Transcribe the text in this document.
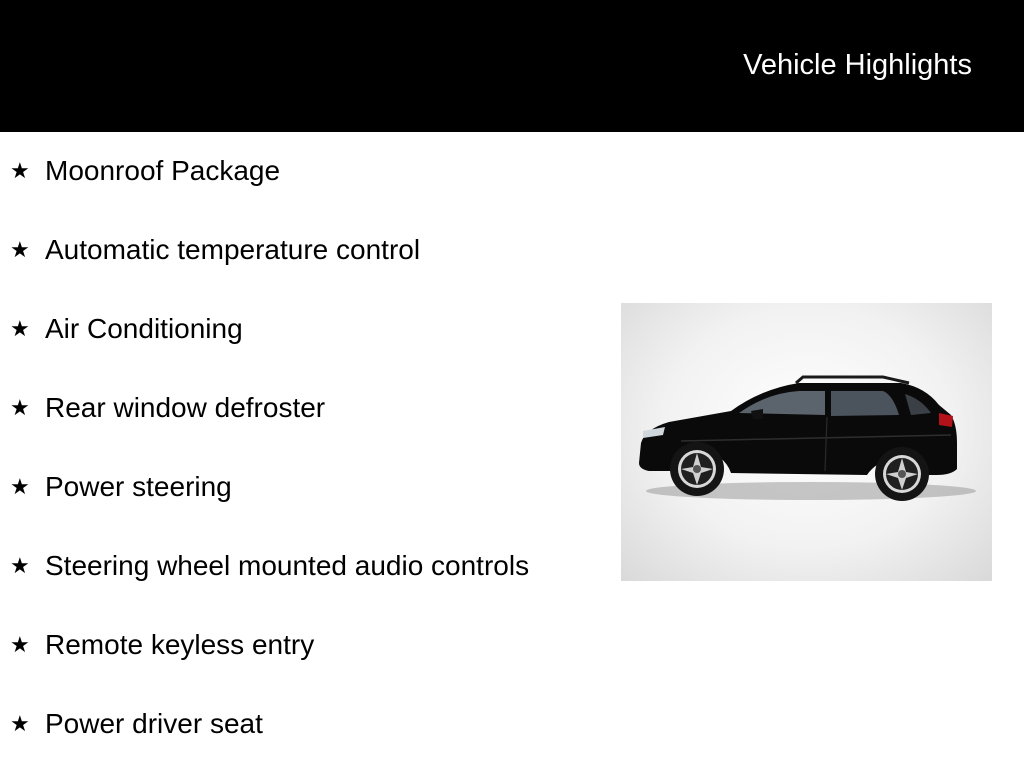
Vehicle Highlights
★ Moonroof Package
★ Automatic temperature control
★ Air Conditioning
★ Rear window defroster
★ Power steering
★ Steering wheel mounted audio controls
★ Remote keyless entry
★ Power driver seat
